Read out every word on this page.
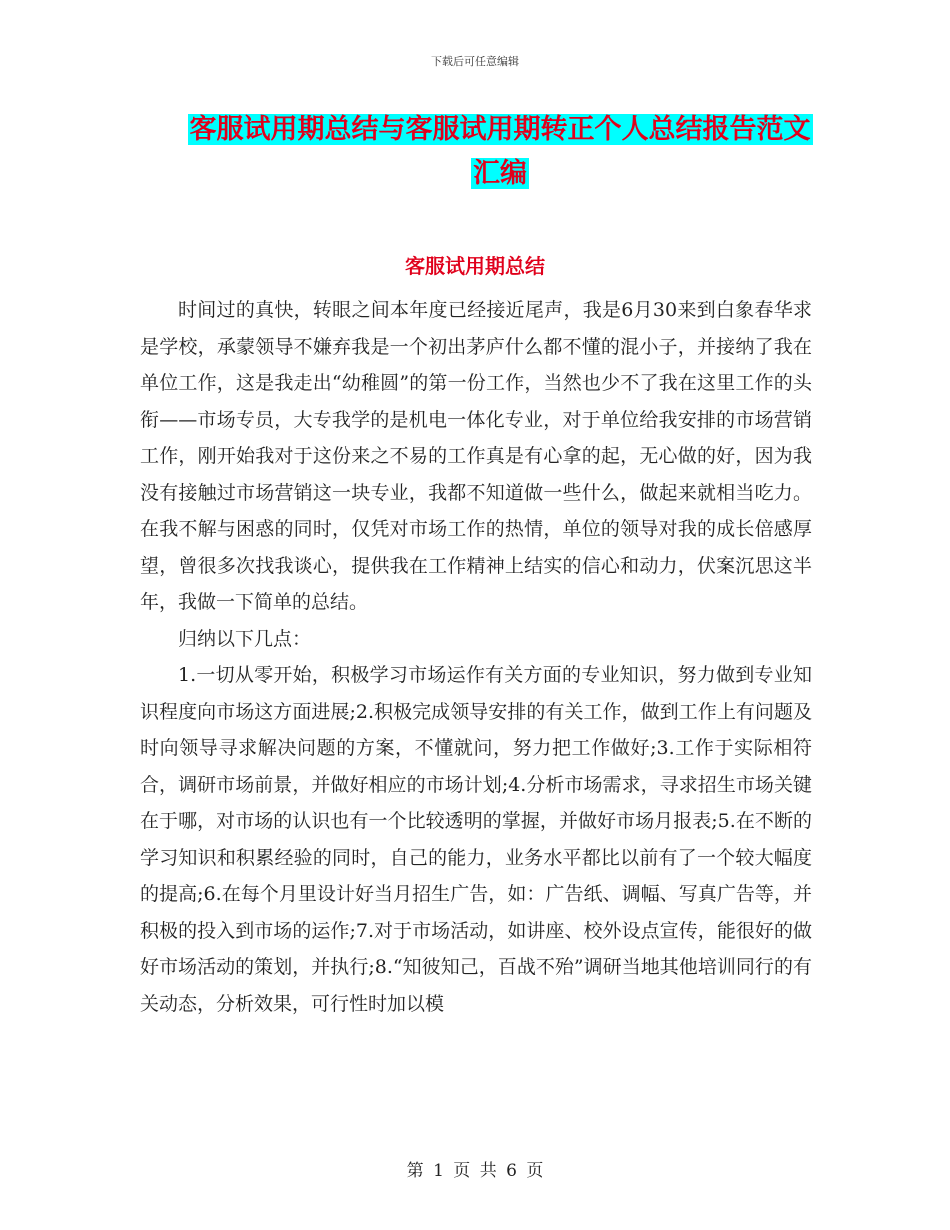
下载后可任意编辑
客服试用期总结与客服试用期转正个人总结报告范文
汇编
客服试用期总结

时间过的真快，转眼之间本年度已经接近尾声，我是6月30来到白象春华求是学校，承蒙领导不嫌弃我是一个初出茅庐什么都不懂的混小子，并接纳了我在单位工作，这是我走出“幼稚圆”的第一份工作，当然也少不了我在这里工作的头衔——市场专员，大专我学的是机电一体化专业，对于单位给我安排的市场营销工作，刚开始我对于这份来之不易的工作真是有心拿的起，无心做的好，因为我没有接触过市场营销这一块专业，我都不知道做一些什么，做起来就相当吃力。在我不解与困惑的同时，仅凭对市场工作的热情，单位的领导对我的成长倍感厚望，曾很多次找我谈心，提供我在工作精神上结实的信心和动力，伏案沉思这半年，我做一下简单的总结。

归纳以下几点：

1.一切从零开始，积极学习市场运作有关方面的专业知识，努力做到专业知识程度向市场这方面进展;2.积极完成领导安排的有关工作，做到工作上有问题及时向领导寻求解决问题的方案，不懂就问，努力把工作做好;3.工作于实际相符合，调研市场前景，并做好相应的市场计划;4.分析市场需求，寻求招生市场关键在于哪，对市场的认识也有一个比较透明的掌握，并做好市场月报表;5.在不断的学习知识和积累经验的同时，自己的能力，业务水平都比以前有了一个较大幅度的提高;6.在每个月里设计好当月招生广告，如：广告纸、调幅、写真广告等，并积极的投入到市场的运作;7.对于市场活动，如讲座、校外设点宣传，能很好的做好市场活动的策划，并执行;8.“知彼知己，百战不殆”调研当地其他培训同行的有关动态，分析效果，可行性时加以模

第 1 页 共 6 页
